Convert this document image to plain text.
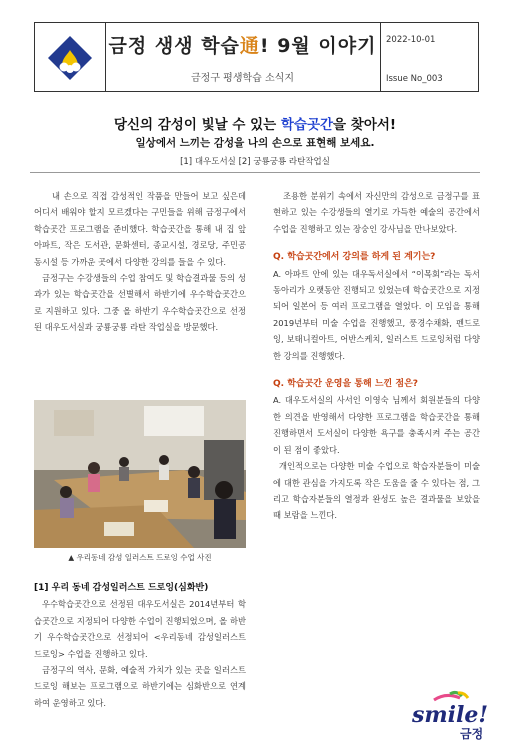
금정 생생 학습通! 9월 이야기
금정구 평생학습 소식지
2022-10-01
Issue No_003
당신의 감성이 빛날 수 있는 학습곳간을 찾아서!
일상에서 느끼는 감성을 나의 손으로 표현해 보세요.
[1] 대우도서실 [2] 궁룡궁룡 라탄작업실

내 손으로 직접 감성적인 작품을 만들어 보고 싶은데 어디서 배워야 할지 모르겠다는 구민들을 위해 금정구에서 학습곳간 프로그램을 준비했다. 학습곳간을 통해 내 집 앞 아파트, 작은 도서관, 문화센터, 종교시설, 경로당, 주민공동시설 등 가까운 곳에서 다양한 강의를 들을 수 있다.

금정구는 수강생들의 수업 참여도 및 학습결과물 등의 성과가 있는 학습곳간을 선별해서 하반기에 우수학습곳간으로 지원하고 있다. 그중 올 하반기 우수학습곳간으로 선정된 대우도서실과 궁룡궁룡 라탄 작업실을 방문했다.

▲ 우리동네 감성 일러스트 드로잉 수업 사진
[1] 우리 동네 감성일러스트 드로잉(심화반)

우수학습곳간으로 선정된 대우도서실은 2014년부터 학습곳간으로 지정되어 다양한 수업이 진행되었으며, 올 하반기 우수학습곳간으로 선정되어 <우리동네 감성일러스트 드로잉> 수업을 진행하고 있다.

금정구의 역사, 문화, 예술적 가치가 있는 곳을 일러스트 드로잉 해보는 프로그램으로 하반기에는 심화반으로 연계하여 운영하고 있다.

조용한 분위기 속에서 자신만의 감성으로 금정구를 표현하고 있는 수강생들의 열기로 가득한 예술의 공간에서 수업을 진행하고 있는 장숭인 강사님을 만나보았다.

Q. 학습곳간에서 강의를 하게 된 계기는?

A. 아파트 안에 있는 대우독서실에서 “이목회”라는 독서동아리가 오랫동안 진행되고 있었는데 학습곳간으로 지정되어 일본어 등 여러 프로그램을 열었다. 이 모임을 통해 2019년부터 미술 수업을 진행했고, 풍경수채화, 펜드로잉, 보태니컬아트, 어반스케치, 일러스트 드로잉처럼 다양한 강의를 진행했다.

Q. 학습곳간 운영을 통해 느낀 점은?

A. 대우도서실의 사서인 이영숙 님께서 회원분들의 다양한 의견을 반영해서 다양한 프로그램을 학습곳간을 통해 진행하면서 도서실이 다양한 욕구를 충족시켜 주는 공간이 된 점이 좋았다.

개인적으로는 다양한 미술 수업으로 학습자분들이 미술에 대한 관심을 가지도록 작은 도움을 줄 수 있다는 점, 그리고 학습자분들의 열정과 완성도 높은 결과물을 보았을 때 보람을 느낀다.

smile!
금정
